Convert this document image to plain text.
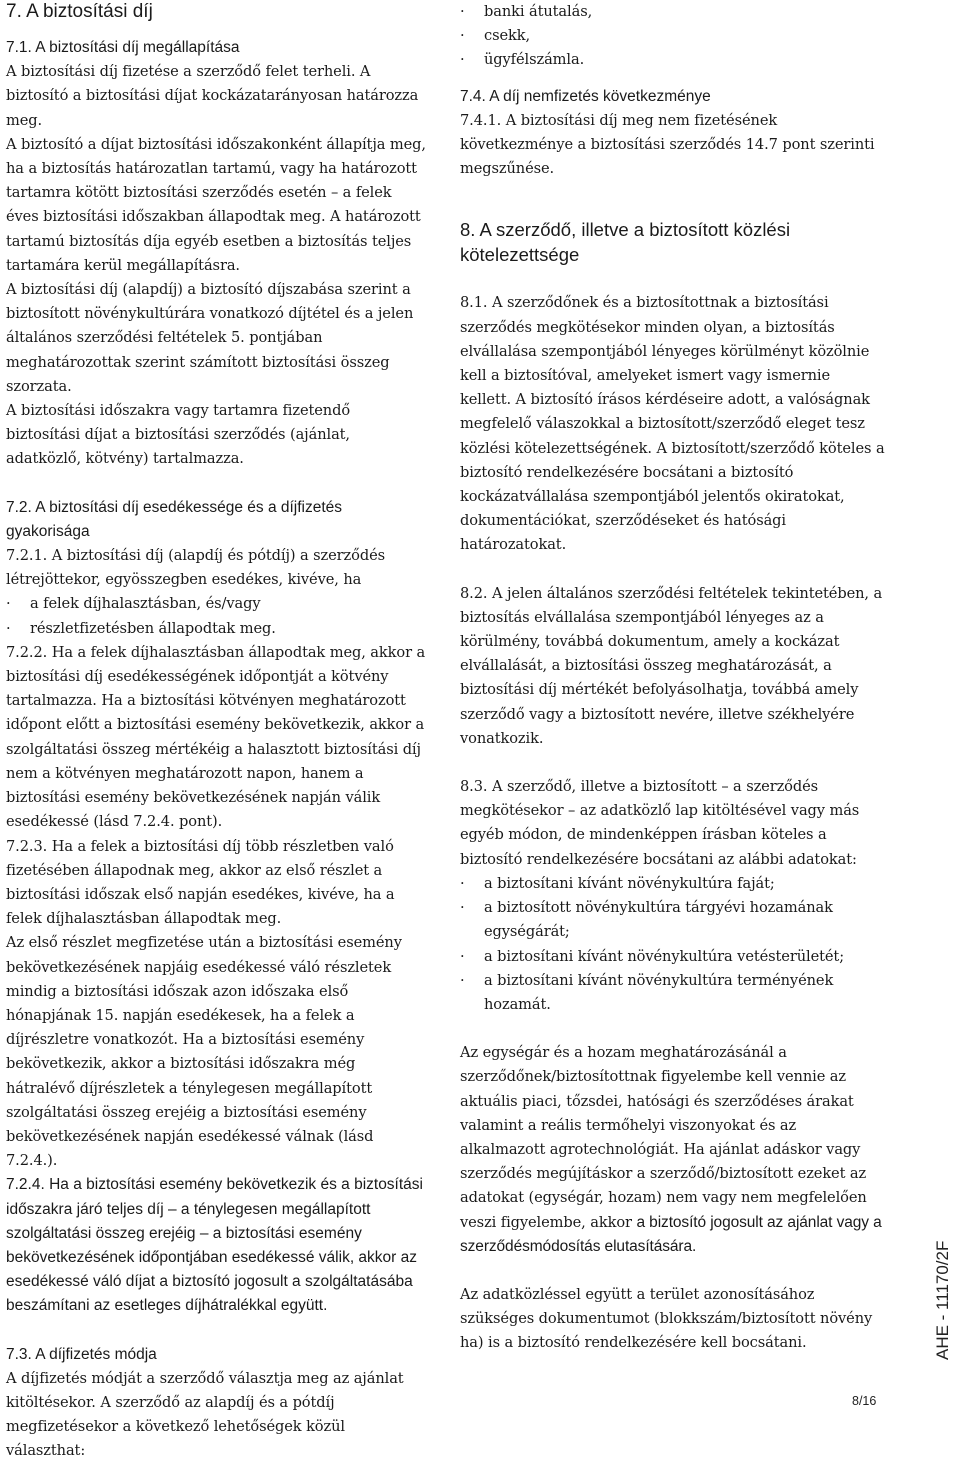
7. A biztosítási díj
7.1. A biztosítási díj megállapítása

A biztosítási díj fizetése a szerződő felet terheli. A biztosító a biztosítási díjat kockázatarányosan határozza meg.

A biztosító a díjat biztosítási időszakonként állapítja meg, ha a biztosítás határozatlan tartamú, vagy ha határozott tartamra kötött biztosítási szerződés esetén – a felek éves biztosítási időszakban állapodtak meg. A határozott tartamú biztosítás díja egyéb esetben a biztosítás teljes tartamára kerül megállapításra.

A biztosítási díj (alapdíj) a biztosító díjszabása szerint a biztosított növénykultúrára vonatkozó díjtétel és a jelen általános szerződési feltételek 5. pontjában meghatározottak szerint számított biztosítási összeg szorzata.

A biztosítási időszakra vagy tartamra fizetendő biztosítási díjat a biztosítási szerződés (ajánlat, adatközlő, kötvény) tartalmazza.

7.2. A biztosítási díj esedékessége és a díjfizetés gyakorisága

7.2.1. A biztosítási díj (alapdíj és pótdíj) a szerződés létrejöttekor, egyösszegben esedékes, kivéve, ha

·	a felek díjhalasztásban, és/vagy
·	részletfizetésben állapodtak meg.

7.2.2. Ha a felek díjhalasztásban állapodtak meg, akkor a biztosítási díj esedékességének időpontját a kötvény tartalmazza. Ha a biztosítási kötvényen meghatározott időpont előtt a biztosítási esemény bekövetkezik, akkor a szolgáltatási összeg mértékéig a halasztott biztosítási díj nem a kötvényen meghatározott napon, hanem a biztosítási esemény bekövetkezésének napján válik esedékessé (lásd 7.2.4. pont).

7.2.3. Ha a felek a biztosítási díj több részletben való fizetésében állapodnak meg, akkor az első részlet a biztosítási időszak első napján esedékes, kivéve, ha a felek díjhalasztásban állapodtak meg.

Az első részlet megfizetése után a biztosítási esemény bekövetkezésének napjáig esedékessé váló részletek mindig a biztosítási időszak azon időszaka első hónapjának 15. napján esedékesek, ha a felek a díjrészletre vonatkozót. Ha a biztosítási esemény bekövetkezik, akkor a biztosítási időszakra még hátralévő díjrészletek a ténylegesen megállapított szolgáltatási összeg erejéig a biztosítási esemény bekövetkezésének napján esedékessé válnak (lásd 7.2.4.).

7.2.4. Ha a biztosítási esemény bekövetkezik és a biztosítási időszakra járó teljes díj – a ténylegesen megállapított szolgáltatási összeg erejéig – a biztosítási esemény bekövetkezésének időpontjában esedékessé válik, akkor az esedékessé váló díjat a biztosító jogosult a szolgáltatásába beszámítani az esetleges díjhátralékkal együtt.

7.3. A díjfizetés módja

A díjfizetés módját a szerződő választja meg az ajánlat kitöltésekor. A szerződő az alapdíj és a pótdíj megfizetésekor a következő lehetőségek közül választhat:

·	banki átutalás,
·	csekk,
·	ügyfélszámla.
7.4. A díj nemfizetés következménye

7.4.1. A biztosítási díj meg nem fizetésének következménye a biztosítási szerződés 14.7 pont szerinti megszűnése.

8. A szerződő, illetve a biztosított közlési kötelezettsége

8.1. A szerződőnek és a biztosítottnak a biztosítási szerződés megkötésekor minden olyan, a biztosítás elvállalása szempontjából lényeges körülményt közölnie kell a biztosítóval, amelyeket ismert vagy ismernie kellett. A biztosító írásos kérdéseire adott, a valóságnak megfelelő válaszokkal a biztosított/szerződő eleget tesz közlési kötelezettségének. A biztosított/szerződő köteles a biztosító rendelkezésére bocsátani a biztosító kockázatvállalása szempontjából jelentős okiratokat, dokumentációkat, szerződéseket és hatósági határozatokat.

8.2. A jelen általános szerződési feltételek tekintetében, a biztosítás elvállalása szempontjából lényeges az a körülmény, továbbá dokumentum, amely a kockázat elvállalását, a biztosítási összeg meghatározását, a biztosítási díj mértékét befolyásolhatja, továbbá amely szerződő vagy a biztosított nevére, illetve székhelyére vonatkozik.

8.3. A szerződő, illetve a biztosított – a szerződés megkötésekor – az adatközlő lap kitöltésével vagy más egyéb módon, de mindenképpen írásban köteles a biztosító rendelkezésére bocsátani az alábbi adatokat:

·	a biztosítani kívánt növénykultúra faját;
·	a biztosított növénykultúra tárgyévi hozamának egységárát;
·	a biztosítani kívánt növénykultúra vetésterületét;
·	a biztosítani kívánt növénykultúra terményének hozamát.

Az egységár és a hozam meghatározásánál a szerződőnek/biztosítottnak figyelembe kell vennie az aktuális piaci, tőzsdei, hatósági és szerződéses árakat valamint a reális termőhelyi viszonyokat és az alkalmazott agrotechnológiát. Ha ajánlat adáskor vagy szerződés megújításkor a szerződő/biztosított ezeket az adatokat (egységár, hozam) nem vagy nem megfelelően veszi figyelembe, akkor a biztosító jogosult az ajánlat vagy a szerződésmódosítás elutasítására.

Az adatközléssel együtt a terület azonosításához szükséges dokumentumot (blokkszám/biztosított növény ha) is a biztosító rendelkezésére kell bocsátani.	AHE - 11170/2F
8/16
